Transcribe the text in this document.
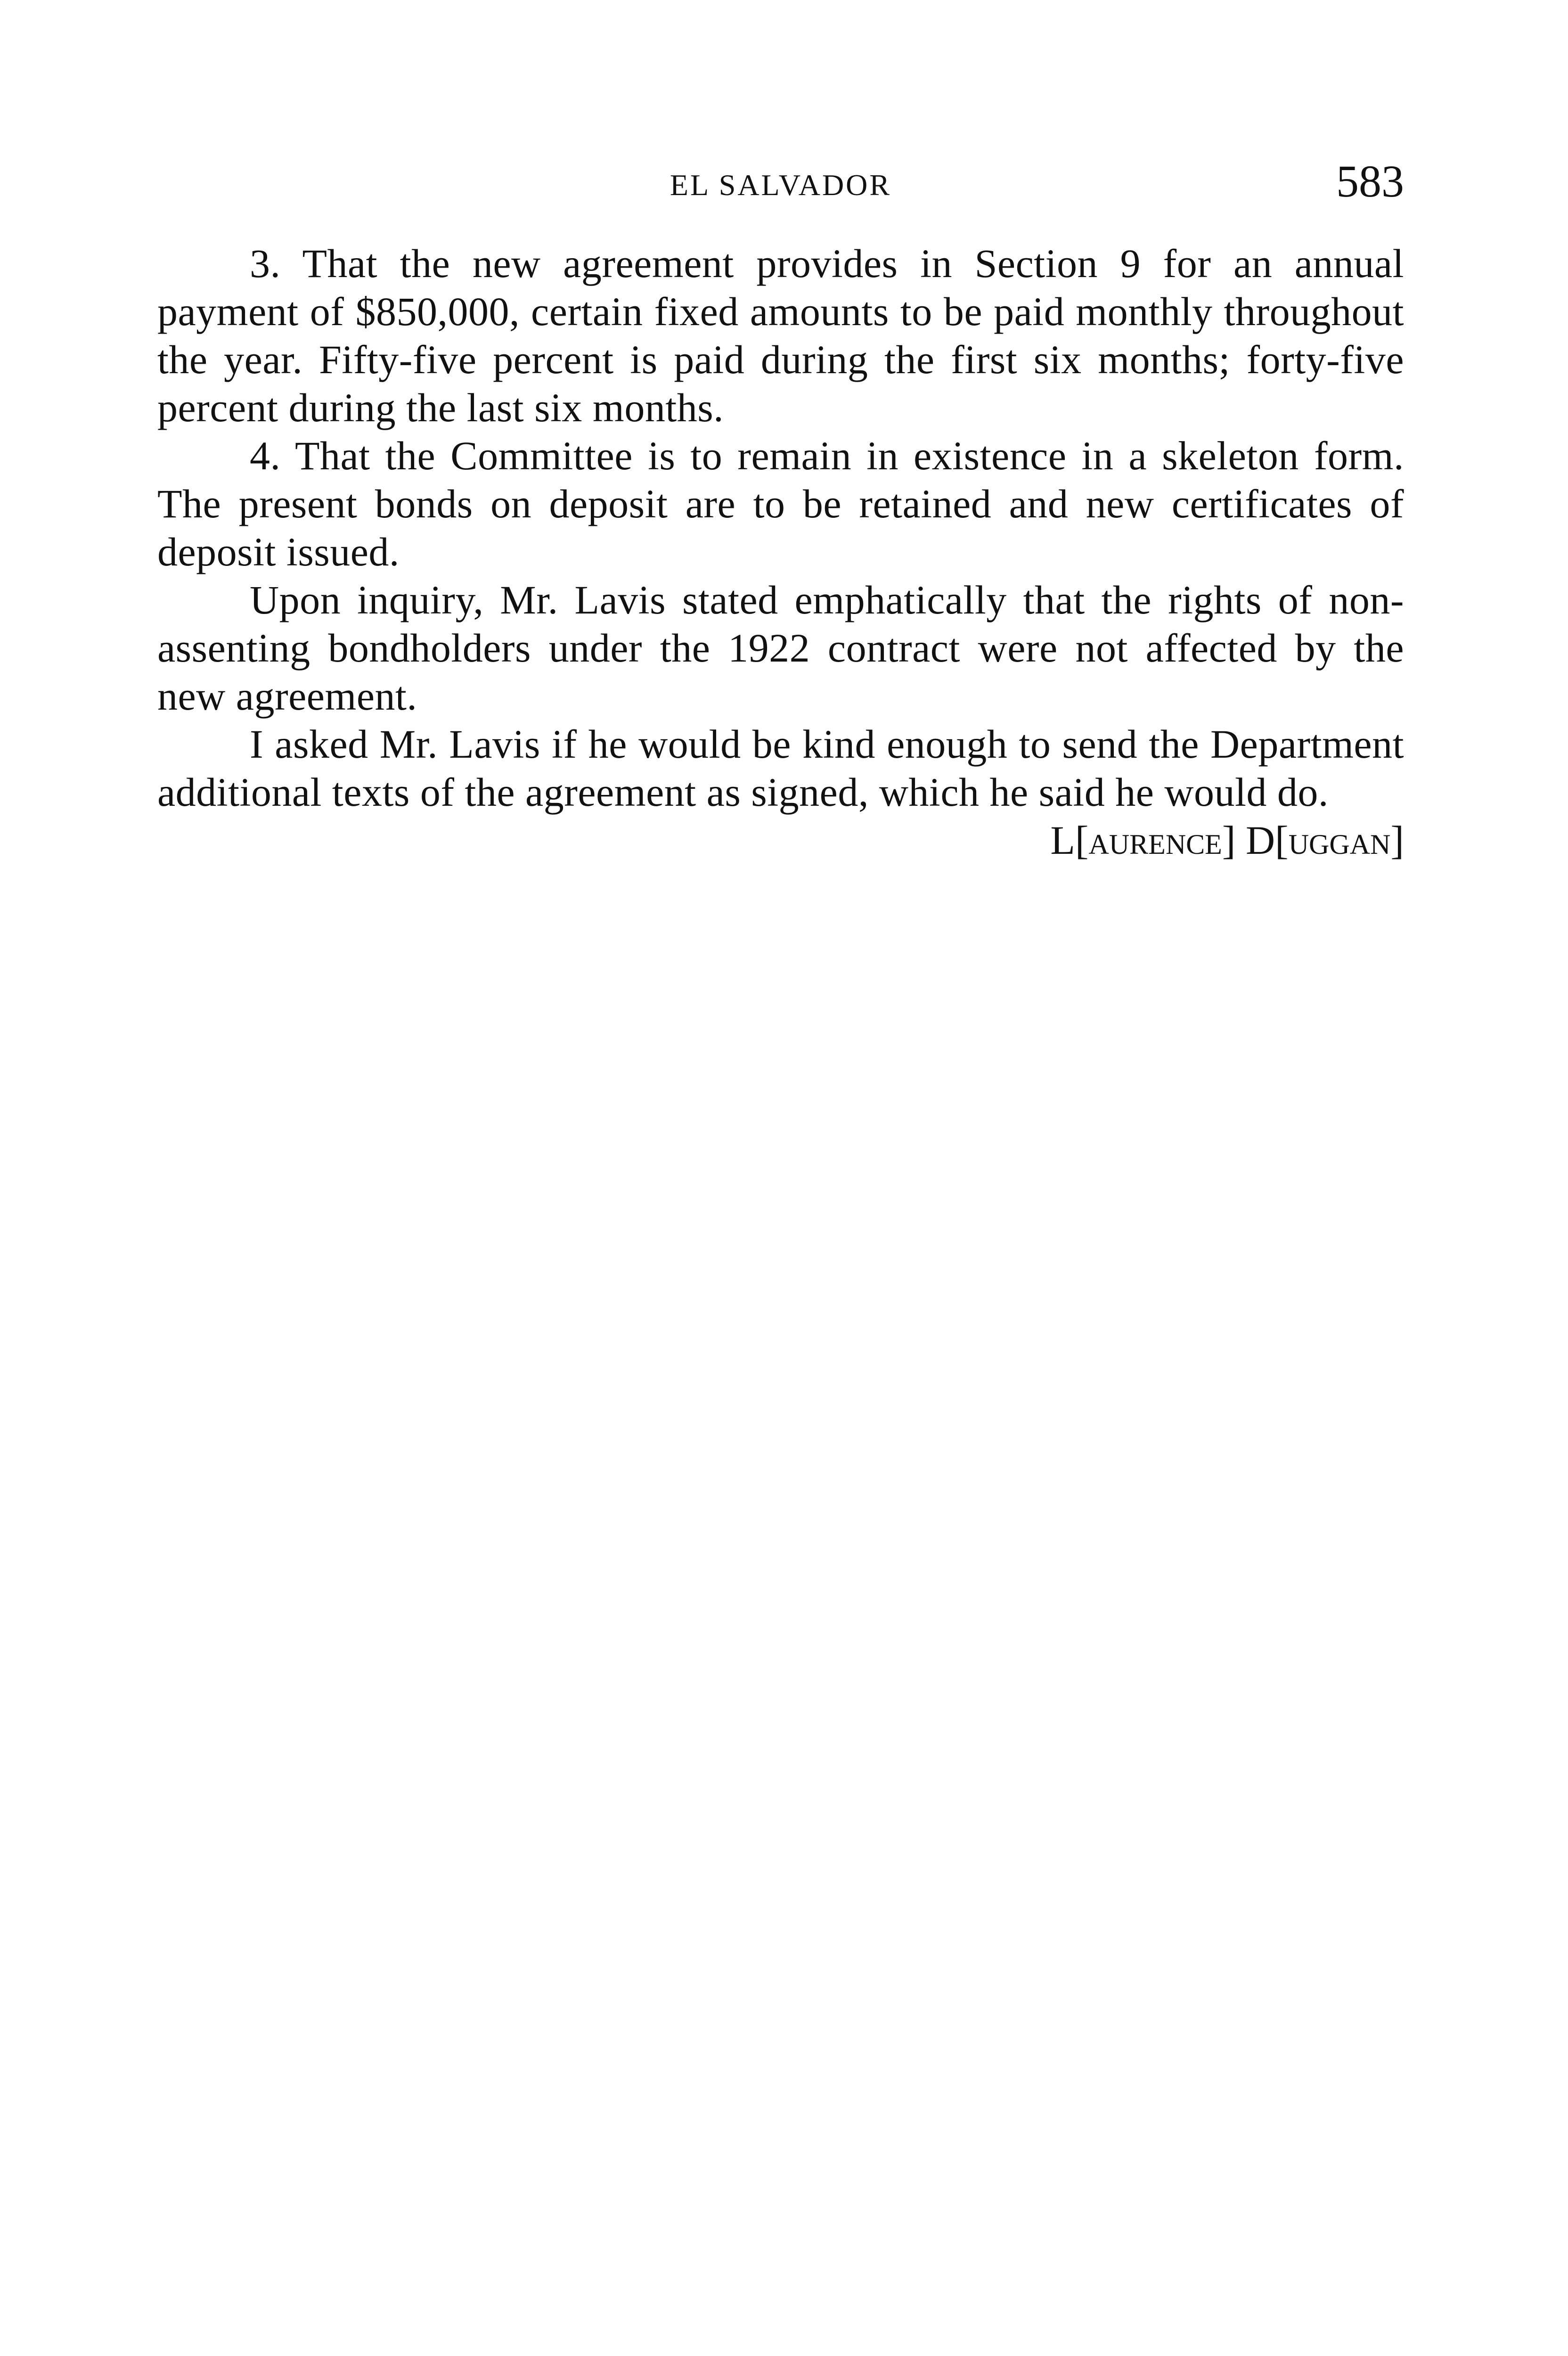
EL SALVADOR	583

3. That the new agreement provides in Section 9 for an annual payment of $850,000, certain fixed amounts to be paid monthly throughout the year. Fifty-five percent is paid during the first six months; forty-five percent during the last six months.

4. That the Committee is to remain in existence in a skeleton form. The present bonds on deposit are to be retained and new certificates of deposit issued.

Upon inquiry, Mr. Lavis stated emphatically that the rights of non-assenting bondholders under the 1922 contract were not affected by the new agreement.

I asked Mr. Lavis if he would be kind enough to send the Department additional texts of the agreement as signed, which he said he would do.

L[aurence] D[uggan]
